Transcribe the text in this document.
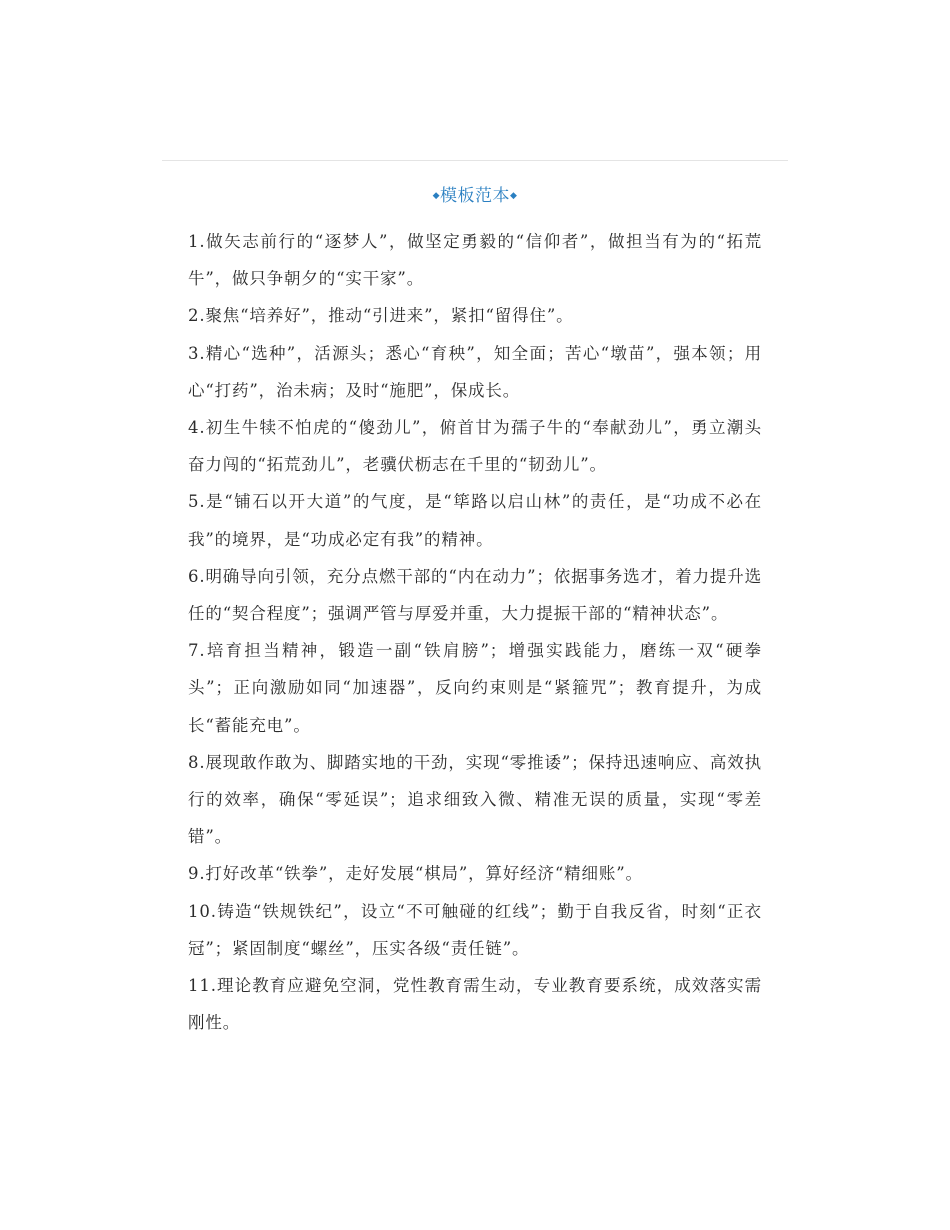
◆模板范本◆

1.做矢志前行的“逐梦人”，做坚定勇毅的“信仰者”，做担当有为的“拓荒牛”，做只争朝夕的“实干家”。

2.聚焦“培养好”，推动“引进来”，紧扣“留得住”。

3.精心“选种”，活源头；悉心“育秧”，知全面；苦心“墩苗”，强本领；用心“打药”，治未病；及时“施肥”，保成长。

4.初生牛犊不怕虎的“傻劲儿”，俯首甘为孺子牛的“奉献劲儿”，勇立潮头奋力闯的“拓荒劲儿”，老骥伏枥志在千里的“韧劲儿”。

5.是“铺石以开大道”的气度，是“筚路以启山林”的责任，是“功成不必在我”的境界，是“功成必定有我”的精神。

6.明确导向引领，充分点燃干部的“内在动力”；依据事务选才，着力提升选任的“契合程度”；强调严管与厚爱并重，大力提振干部的“精神状态”。

7.培育担当精神，锻造一副“铁肩膀”；增强实践能力，磨练一双“硬拳头”；正向激励如同“加速器”，反向约束则是“紧箍咒”；教育提升，为成长“蓄能充电”。

8.展现敢作敢为、脚踏实地的干劲，实现“零推诿”；保持迅速响应、高效执行的效率，确保“零延误”；追求细致入微、精准无误的质量，实现“零差错”。

9.打好改革“铁拳”，走好发展“棋局”，算好经济“精细账”。

10.铸造“铁规铁纪”，设立“不可触碰的红线”；勤于自我反省，时刻“正衣冠”；紧固制度“螺丝”，压实各级“责任链”。

11.理论教育应避免空洞，党性教育需生动，专业教育要系统，成效落实需刚性。
